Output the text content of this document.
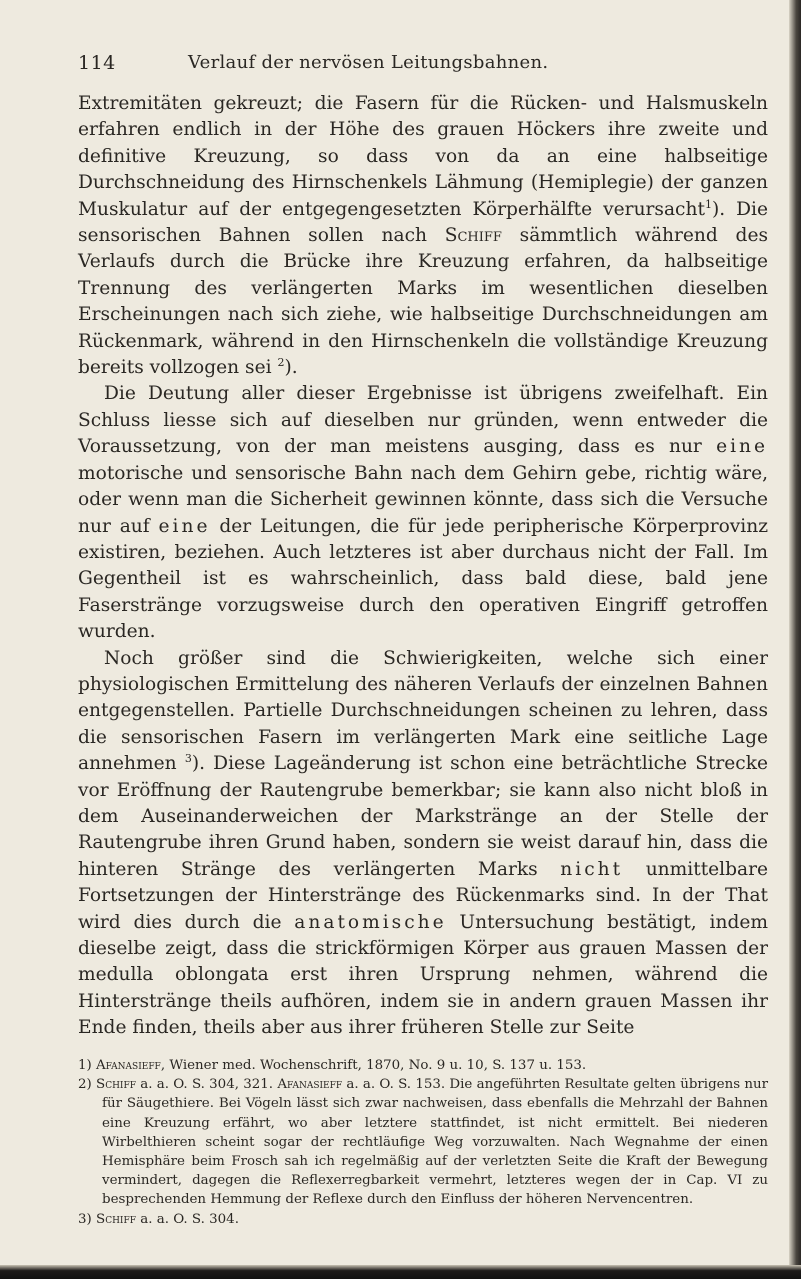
114	Verlauf der nervösen Leitungsbahnen.

Extremitäten gekreuzt; die Fasern für die Rücken- und Halsmuskeln erfahren endlich in der Höhe des grauen Höckers ihre zweite und definitive Kreuzung, so dass von da an eine halbseitige Durchschneidung des Hirnschenkels Lähmung (Hemiplegie) der ganzen Muskulatur auf der entgegengesetzten Körperhälfte verursacht$^1$). Die sensorischen Bahnen sollen nach Schiff sämmtlich während des Verlaufs durch die Brücke ihre Kreuzung erfahren, da halbseitige Trennung des verlängerten Marks im wesentlichen dieselben Erscheinungen nach sich ziehe, wie halbseitige Durchschneidungen am Rückenmark, während in den Hirnschenkeln die vollständige Kreuzung bereits vollzogen sei $^2$).

Die Deutung aller dieser Ergebnisse ist übrigens zweifelhaft. Ein Schluss liesse sich auf dieselben nur gründen, wenn entweder die Voraussetzung, von der man meistens ausging, dass es nur eine motorische und sensorische Bahn nach dem Gehirn gebe, richtig wäre, oder wenn man die Sicherheit gewinnen könnte, dass sich die Versuche nur auf eine der Leitungen, die für jede peripherische Körperprovinz existiren, beziehen. Auch letzteres ist aber durchaus nicht der Fall. Im Gegentheil ist es wahrscheinlich, dass bald diese, bald jene Faserstränge vorzugsweise durch den operativen Eingriff getroffen wurden.

Noch größer sind die Schwierigkeiten, welche sich einer physiologischen Ermittelung des näheren Verlaufs der einzelnen Bahnen entgegenstellen. Partielle Durchschneidungen scheinen zu lehren, dass die sensorischen Fasern im verlängerten Mark eine seitliche Lage annehmen $^3$). Diese Lageänderung ist schon eine beträchtliche Strecke vor Eröffnung der Rautengrube bemerkbar; sie kann also nicht bloß in dem Auseinanderweichen der Markstränge an der Stelle der Rautengrube ihren Grund haben, sondern sie weist darauf hin, dass die hinteren Stränge des verlängerten Marks nicht unmittelbare Fortsetzungen der Hinterstränge des Rückenmarks sind. In der That wird dies durch die anatomische Untersuchung bestätigt, indem dieselbe zeigt, dass die strickförmigen Körper aus grauen Massen der medulla oblongata erst ihren Ursprung nehmen, während die Hinterstränge theils aufhören, indem sie in andern grauen Massen ihr Ende finden, theils aber aus ihrer früheren Stelle zur Seite

1) Afanasieff, Wiener med. Wochenschrift, 1870, No. 9 u. 10, S. 137 u. 153.

2) Schiff a. a. O. S. 304, 321. Afanasieff a. a. O. S. 153. Die angeführten Resultate gelten übrigens nur für Säugethiere. Bei Vögeln lässt sich zwar nachweisen, dass ebenfalls die Mehrzahl der Bahnen eine Kreuzung erfährt, wo aber letztere stattfindet, ist nicht ermittelt. Bei niederen Wirbelthieren scheint sogar der rechtläufige Weg vorzuwalten. Nach Wegnahme der einen Hemisphäre beim Frosch sah ich regelmäßig auf der verletzten Seite die Kraft der Bewegung vermindert, dagegen die Reflexerregbarkeit vermehrt, letzteres wegen der in Cap. VI zu besprechenden Hemmung der Reflexe durch den Einfluss der höheren Nervencentren.

3) Schiff a. a. O. S. 304.
